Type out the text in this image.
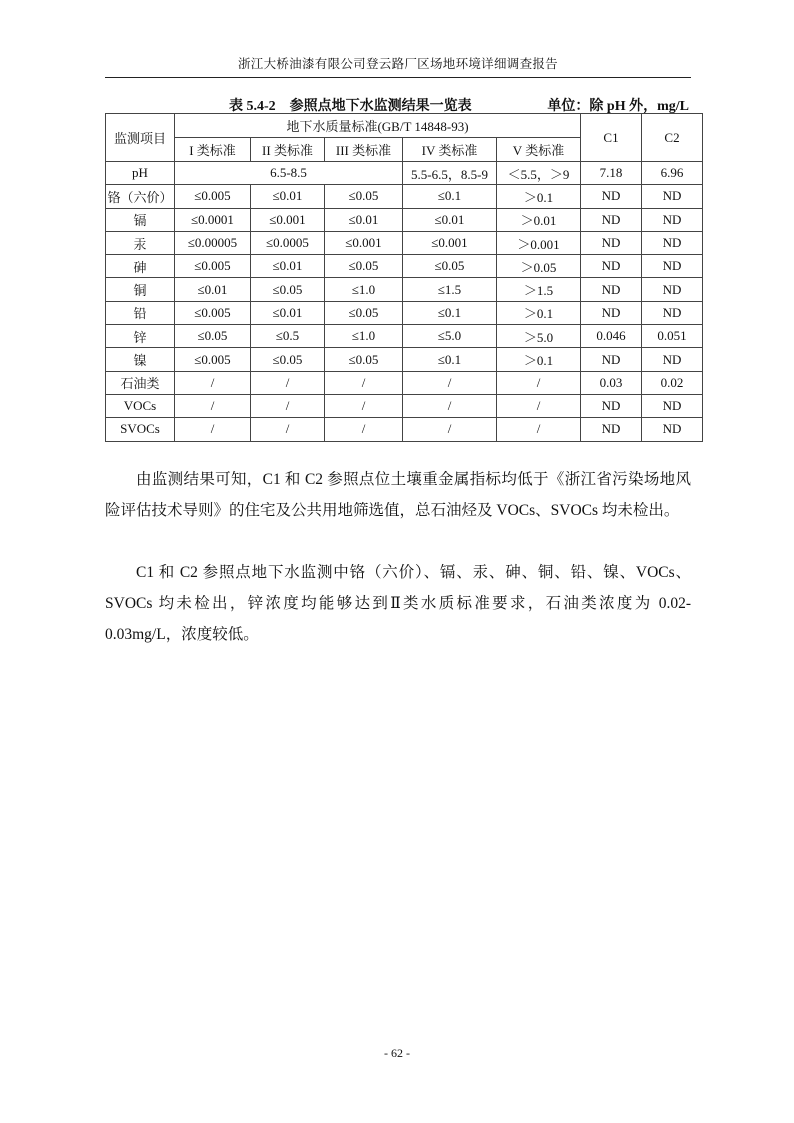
浙江大桥油漆有限公司登云路厂区场地环境详细调查报告
表 5.4-2　参照点地下水监测结果一览表	单位：除 pH 外，mg/L
监测项目	地下水质量标准(GB/T 14848-93)					C1	C2
	I 类标准	II 类标准	III 类标准	IV 类标准	V 类标准		
pH	6.5-8.5			5.5-6.5，8.5-9	＜5.5，＞9	7.18	6.96
铬（六价）	≤0.005	≤0.01	≤0.05	≤0.1	＞0.1	ND	ND
镉	≤0.0001	≤0.001	≤0.01	≤0.01	＞0.01	ND	ND
汞	≤0.00005	≤0.0005	≤0.001	≤0.001	＞0.001	ND	ND
砷	≤0.005	≤0.01	≤0.05	≤0.05	＞0.05	ND	ND
铜	≤0.01	≤0.05	≤1.0	≤1.5	＞1.5	ND	ND
铅	≤0.005	≤0.01	≤0.05	≤0.1	＞0.1	ND	ND
锌	≤0.05	≤0.5	≤1.0	≤5.0	＞5.0	0.046	0.051
镍	≤0.005	≤0.05	≤0.05	≤0.1	＞0.1	ND	ND
石油类	/	/	/	/	/	0.03	0.02
VOCs	/	/	/	/	/	ND	ND
SVOCs	/	/	/	/	/	ND	ND

由监测结果可知，C1 和 C2 参照点位土壤重金属指标均低于《浙江省污染场地风险评估技术导则》的住宅及公共用地筛选值，总石油烃及 VOCs、SVOCs 均未检出。

C1 和 C2 参照点地下水监测中铬（六价）、镉、汞、砷、铜、铅、镍、VOCs、SVOCs 均未检出，锌浓度均能够达到Ⅱ类水质标准要求，石油类浓度为 0.02-0.03mg/L，浓度较低。

- 62 -
